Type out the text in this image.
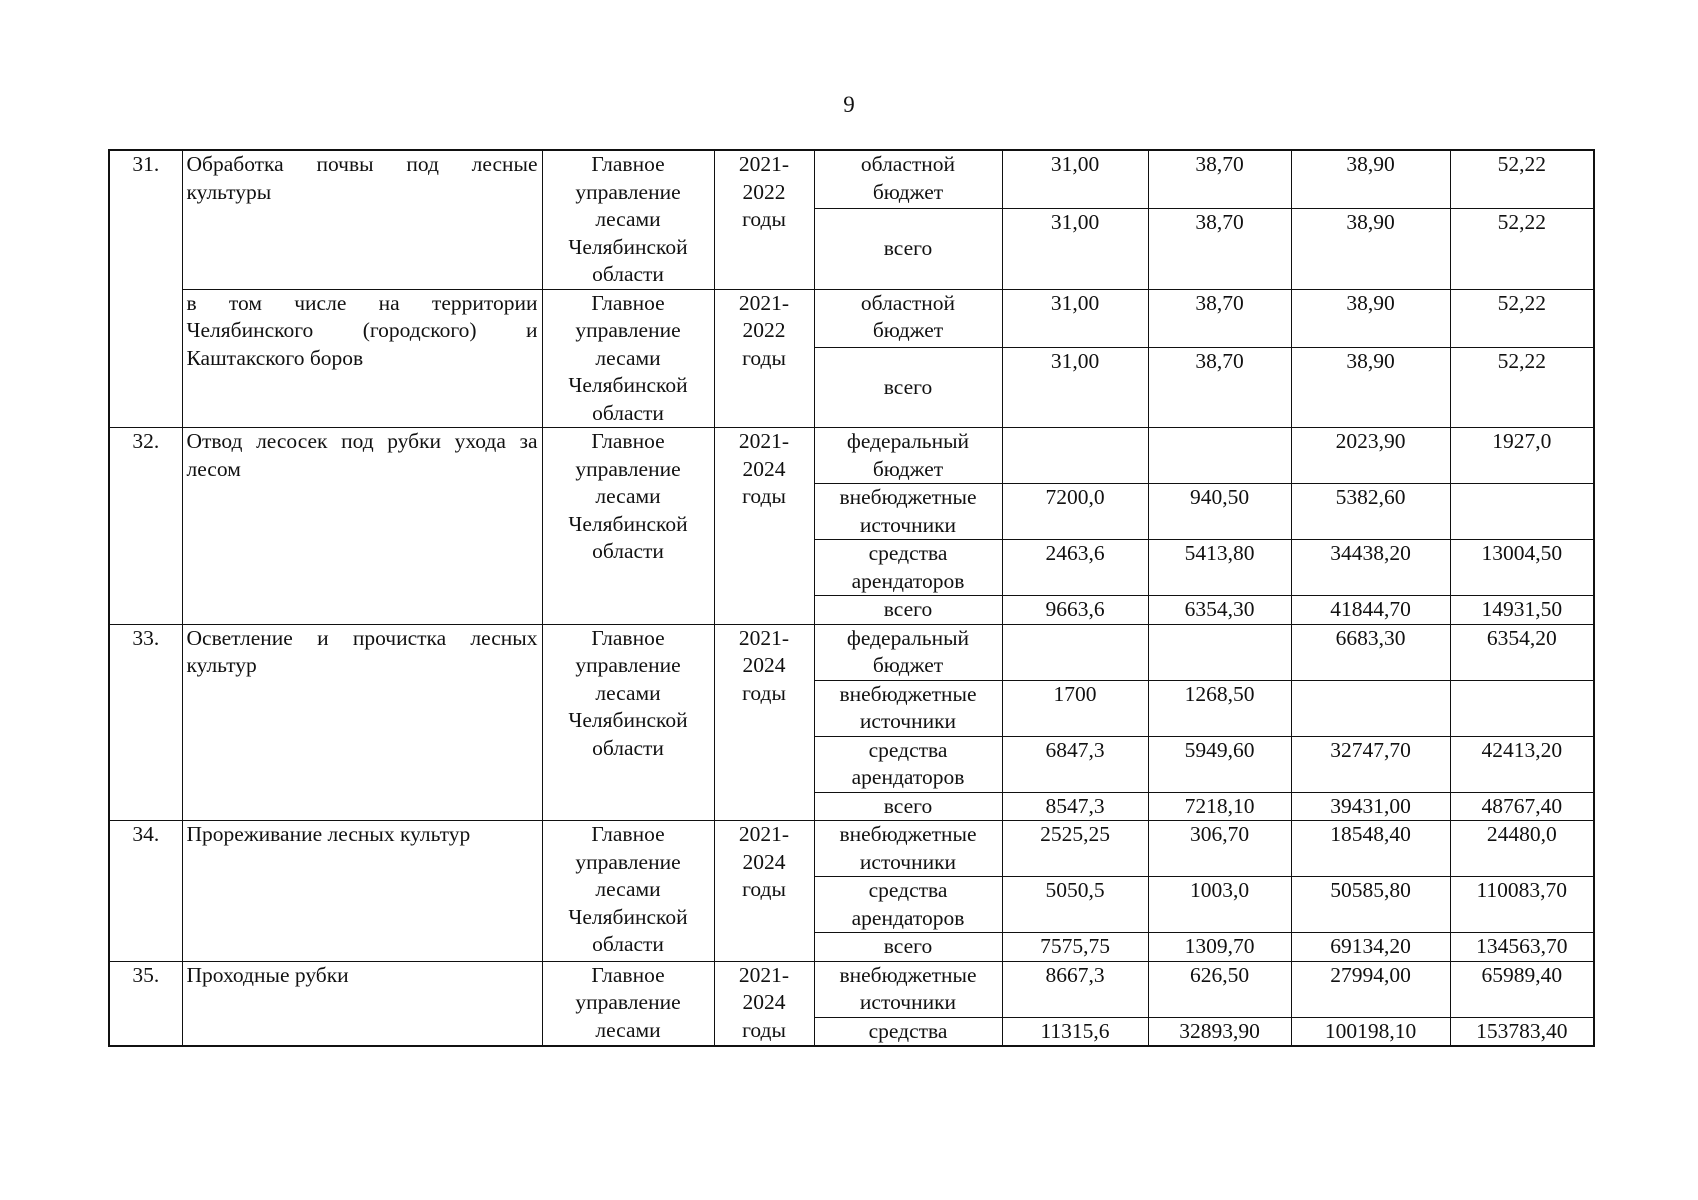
9
31.	Обработка почвы под лесные культуры	Главное
управление
лесами
Челябинской
области	2021-
2022
годы	областной
бюджет	31,00	38,70	38,90	52,22

				всего	31,00	38,70	38,90	52,22
	в том числе на территории Челябинского (городского) и Каштакского боров	Главное
управление
лесами
Челябинской
области	2021-
2022
годы	областной
бюджет	31,00	38,70	38,90	52,22

				всего	31,00	38,70	38,90	52,22
32.	Отвод лесосек под рубки ухода за лесом	Главное
управление
лесами
Челябинской
области	2021-
2024
годы	федеральный
бюджет			2023,90	1927,0

				внебюджетные
источники	7200,0	940,50	5382,60	

				средства
арендаторов	2463,6	5413,80	34438,20	13004,50

				всего	9663,6	6354,30	41844,70	14931,50
33.	Осветление и прочистка лесных культур	Главное
управление
лесами
Челябинской
области	2021-
2024
годы	федеральный
бюджет			6683,30	6354,20

				внебюджетные
источники	1700	1268,50		

				средства
арендаторов	6847,3	5949,60	32747,70	42413,20

				всего	8547,3	7218,10	39431,00	48767,40
34.	Прореживание лесных культур	Главное
управление
лесами
Челябинской
области	2021-
2024
годы	внебюджетные
источники	2525,25	306,70	18548,40	24480,0

				средства
арендаторов	5050,5	1003,0	50585,80	110083,70

				всего	7575,75	1309,70	69134,20	134563,70
35.	Проходные рубки	Главное
управление
лесами	2021-
2024
годы	внебюджетные
источники	8667,3	626,50	27994,00	65989,40

				средства	11315,6	32893,90	100198,10	153783,40
